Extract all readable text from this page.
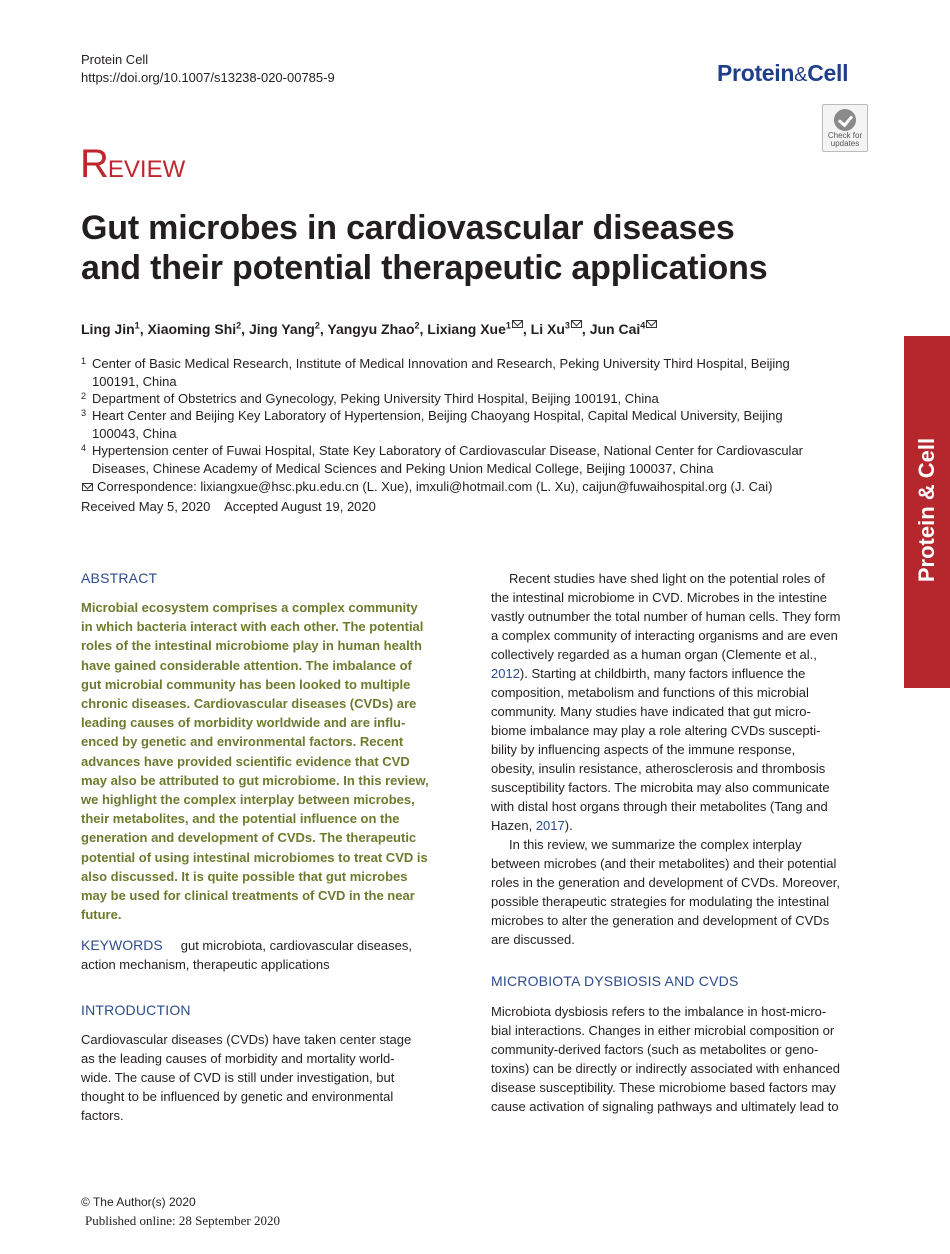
Protein Cell
https://doi.org/10.1007/s13238-020-00785-9	Protein&Cell
Check for
updates
REVIEW
Gut microbes in cardiovascular diseases
and their potential therapeutic applications
Ling Jin$^1$, Xiaoming Shi$^2$, Jing Yang$^2$, Yangyu Zhao$^2$, Lixiang Xue$^1$ , Li Xu$^3$ , Jun Cai$^4$
1 Center of Basic Medical Research, Institute of Medical Innovation and Research, Peking University Third Hospital, Beijing
100191, China
2 Department of Obstetrics and Gynecology, Peking University Third Hospital, Beijing 100191, China
3 Heart Center and Beijing Key Laboratory of Hypertension, Beijing Chaoyang Hospital, Capital Medical University, Beijing
100043, China
4 Hypertension center of Fuwai Hospital, State Key Laboratory of Cardiovascular Disease, National Center for Cardiovascular
Diseases, Chinese Academy of Medical Sciences and Peking Union Medical College, Beijing 100037, China
Correspondence: lixiangxue@hsc.pku.edu.cn (L. Xue), imxuli@hotmail.com (L. Xu), caijun@fuwaihospital.org (J. Cai)
Received May 5, 2020    Accepted August 19, 2020	Protein & Cell
ABSTRACT
Microbial ecosystem comprises a complex community
in which bacteria interact with each other. The potential
roles of the intestinal microbiome play in human health
have gained considerable attention. The imbalance of
gut microbial community has been looked to multiple
chronic diseases. Cardiovascular diseases (CVDs) are
leading causes of morbidity worldwide and are influ-
enced by genetic and environmental factors. Recent
advances have provided scientific evidence that CVD
may also be attributed to gut microbiome. In this review,
we highlight the complex interplay between microbes,
their metabolites, and the potential influence on the
generation and development of CVDs. The therapeutic
potential of using intestinal microbiomes to treat CVD is
also discussed. It is quite possible that gut microbes
may be used for clinical treatments of CVD in the near
future.
KEYWORDS gut microbiota, cardiovascular diseases,
action mechanism, therapeutic applications
INTRODUCTION
Cardiovascular diseases (CVDs) have taken center stage
as the leading causes of morbidity and mortality world-
wide. The cause of CVD is still under investigation, but
thought to be influenced by genetic and environmental
factors.
Recent studies have shed light on the potential roles of
the intestinal microbiome in CVD. Microbes in the intestine
vastly outnumber the total number of human cells. They form
a complex community of interacting organisms and are even
collectively regarded as a human organ (Clemente et al.,
2012). Starting at childbirth, many factors influence the
composition, metabolism and functions of this microbial
community. Many studies have indicated that gut micro-
biome imbalance may play a role altering CVDs suscepti-
bility by influencing aspects of the immune response,
obesity, insulin resistance, atherosclerosis and thrombosis
susceptibility factors. The microbita may also communicate
with distal host organs through their metabolites (Tang and
Hazen, 2017).
In this review, we summarize the complex interplay
between microbes (and their metabolites) and their potential
roles in the generation and development of CVDs. Moreover,
possible therapeutic strategies for modulating the intestinal
microbes to alter the generation and development of CVDs
are discussed.
MICROBIOTA DYSBIOSIS AND CVDS
Microbiota dysbiosis refers to the imbalance in host-micro-
bial interactions. Changes in either microbial composition or
community-derived factors (such as metabolites or geno-
toxins) can be directly or indirectly associated with enhanced
disease susceptibility. These microbiome based factors may
cause activation of signaling pathways and ultimately lead to
© The Author(s) 2020
Published online: 28 September 2020
